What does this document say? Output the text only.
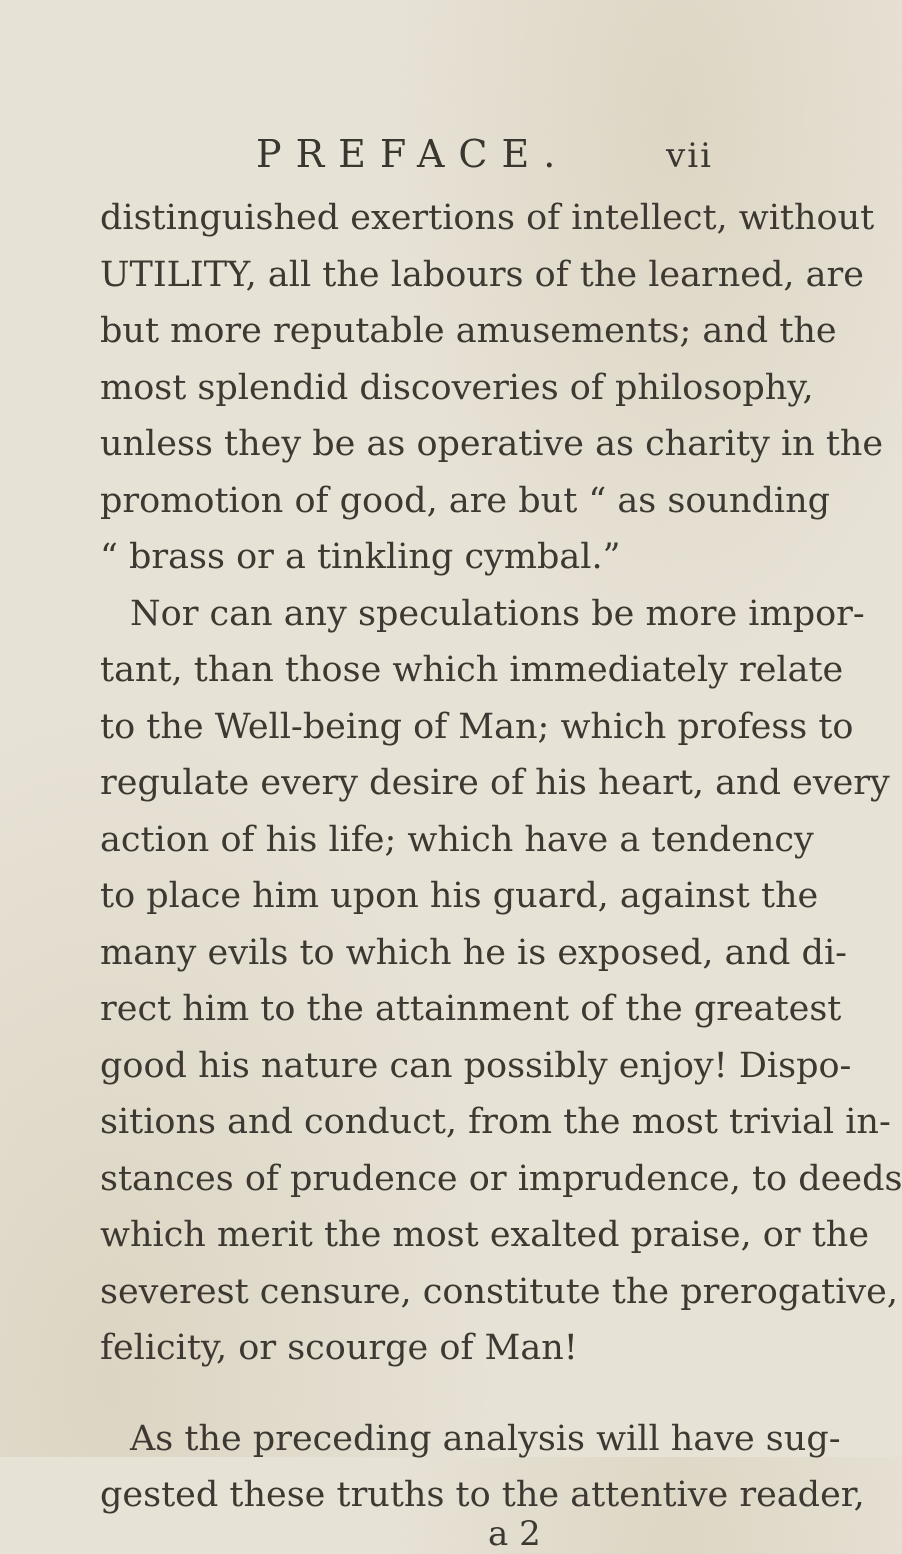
PREFACE.	vii
distinguished exertions of intellect, without
UTILITY, all the labours of the learned, are
but more reputable amusements; and the
most splendid discoveries of philosophy,
unless they be as operative as charity in the
promotion of good, are but “ as sounding
“ brass or a tinkling cymbal.”
Nor can any speculations be more impor-
tant, than those which immediately relate
to the Well-being of Man; which profess to
regulate every desire of his heart, and every
action of his life; which have a tendency
to place him upon his guard, against the
many evils to which he is exposed, and di-
rect him to the attainment of the greatest
good his nature can possibly enjoy! Dispo-
sitions and conduct, from the most trivial in-
stances of prudence or imprudence, to deeds
which merit the most exalted praise, or the
severest censure, constitute the prerogative,
felicity, or scourge of Man!
As the preceding analysis will have sug-
gested these truths to the attentive reader,
a 2
